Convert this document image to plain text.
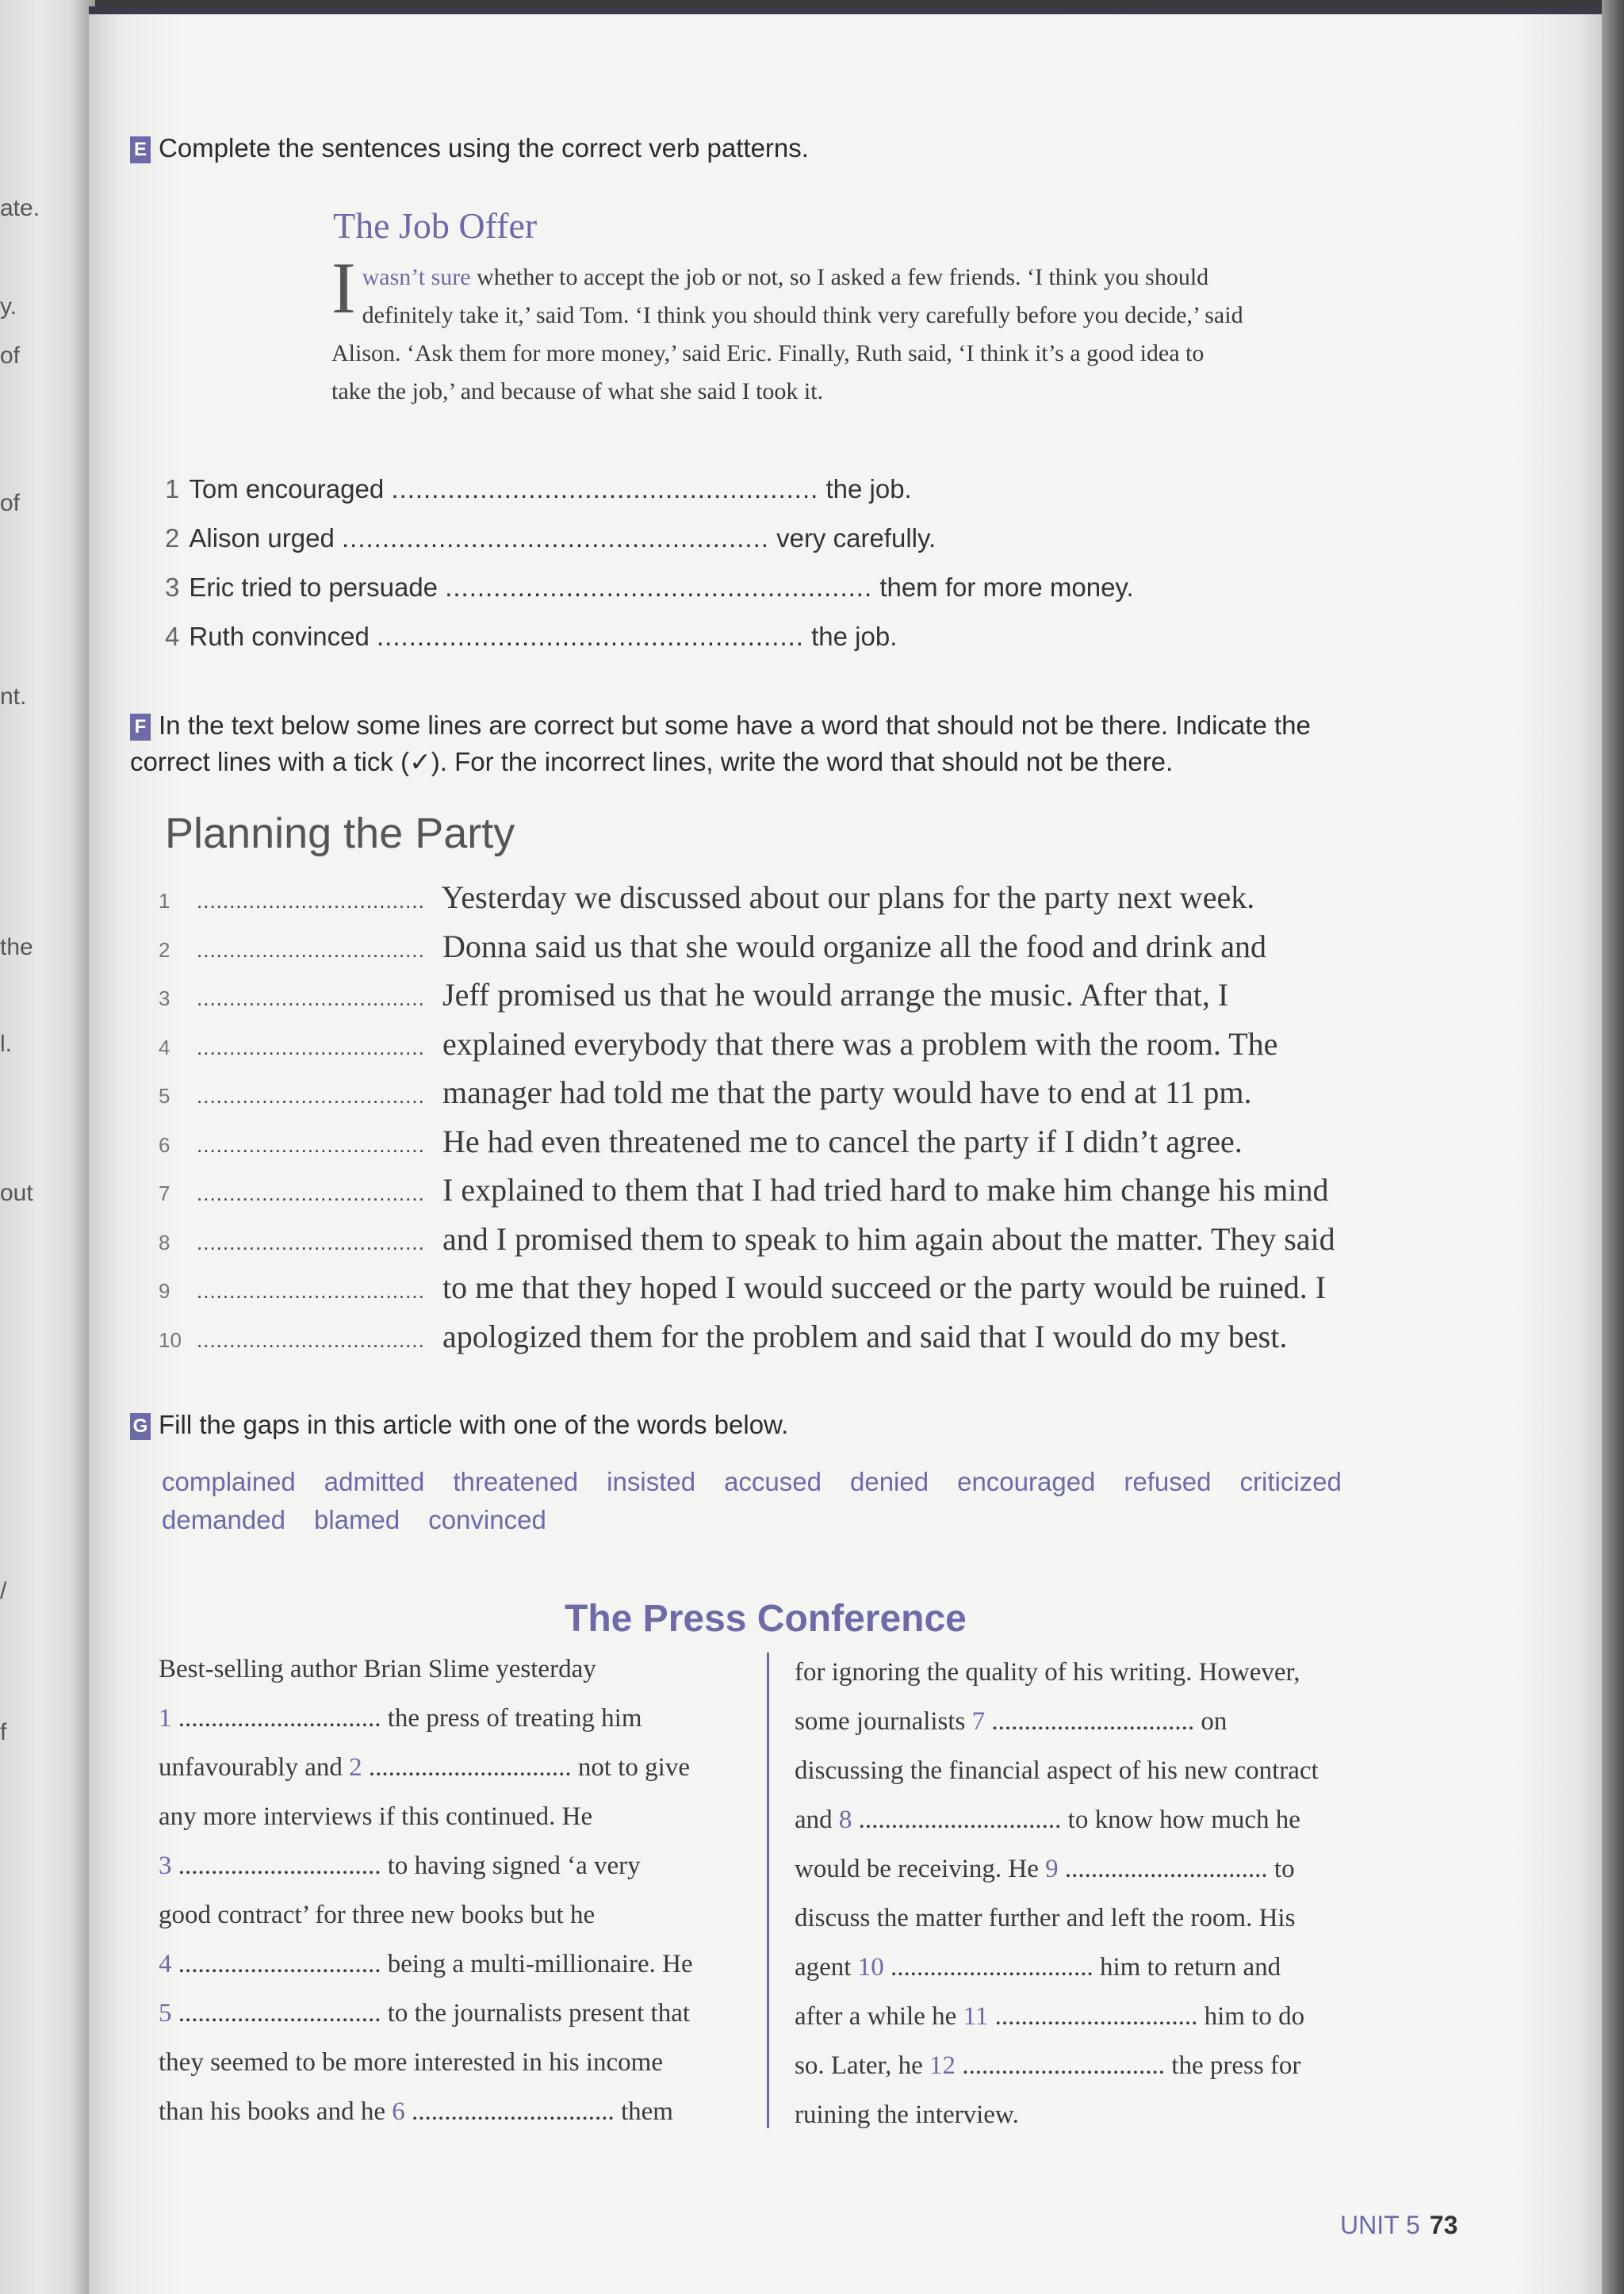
ate.
y.
of
of
nt.
the
l.
out
/
f
E Complete the sentences using the correct verb patterns.
The Job Offer
Iwasn’t sure whether to accept the job or not, so I asked a few friends. ‘I think you should definitely take it,’ said Tom. ‘I think you should think very carefully before you decide,’ said Alison. ‘Ask them for more money,’ said Eric. Finally, Ruth said, ‘I think it’s a good idea to take the job,’ and because of what she said I took it.
1 Tom encouraged ..................................................... the job.
2 Alison urged ..................................................... very carefully.
3 Eric tried to persuade ..................................................... them for more money.
4 Ruth convinced ..................................................... the job.
F In the text below some lines are correct but some have a word that should not be there. Indicate the
correct lines with a tick (✓). For the incorrect lines, write the word that should not be there.
Planning the Party
1 ................................... Yesterday we discussed about our plans for the party next week.
2 ................................... Donna said us that she would organize all the food and drink and
3 ................................... Jeff promised us that he would arrange the music. After that, I
4 ................................... explained everybody that there was a problem with the room. The
5 ................................... manager had told me that the party would have to end at 11 pm.
6 ................................... He had even threatened me to cancel the party if I didn’t agree.
7 ................................... I explained to them that I had tried hard to make him change his mind
8 ................................... and I promised them to speak to him again about the matter. They said
9 ................................... to me that they hoped I would succeed or the party would be ruined. I
10 ................................... apologized them for the problem and said that I would do my best.
G Fill the gaps in this article with one of the words below.
complained admitted threatened insisted accused denied encouraged refused criticized
demanded blamed convinced
The Press Conference
Best-selling author Brian Slime yesterday
1 ............................... the press of treating him
unfavourably and 2 ............................... not to give
any more interviews if this continued. He
3 ............................... to having signed ‘a very
good contract’ for three new books but he
4 ............................... being a multi-millionaire. He
5 ............................... to the journalists present that
they seemed to be more interested in his income
than his books and he 6 ............................... them
for ignoring the quality of his writing. However,
some journalists 7 ............................... on
discussing the financial aspect of his new contract
and 8 ............................... to know how much he
would be receiving. He 9 ............................... to
discuss the matter further and left the room. His
agent 10 ............................... him to return and
after a while he 11 ............................... him to do
so. Later, he 12 ............................... the press for
ruining the interview.
UNIT 5 73
